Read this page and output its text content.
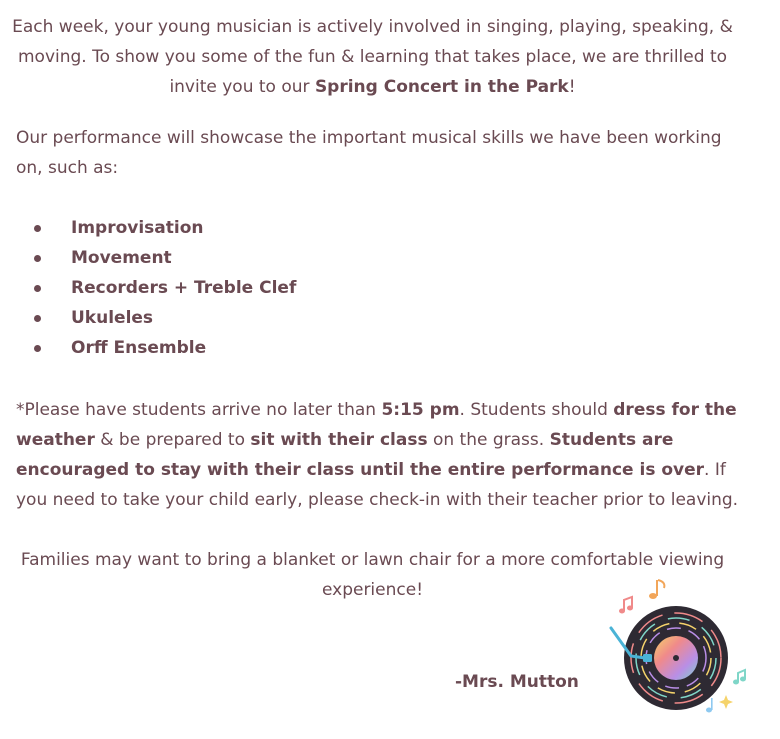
Each week, your young musician is actively involved in singing, playing, speaking, & moving. To show you some of the fun & learning that takes place, we are thrilled to invite you to our Spring Concert in the Park!

Our performance will showcase the important musical skills we have been working on, such as:

Improvisation
Movement
Recorders + Treble Clef
Ukuleles
Orff Ensemble

*Please have students arrive no later than 5:15 pm. Students should dress for the weather & be prepared to sit with their class on the grass. Students are encouraged to stay with their class until the entire performance is over. If you need to take your child early, please check-in with their teacher prior to leaving.

Families may want to bring a blanket or lawn chair for a more comfortable viewing experience!

-Mrs. Mutton
